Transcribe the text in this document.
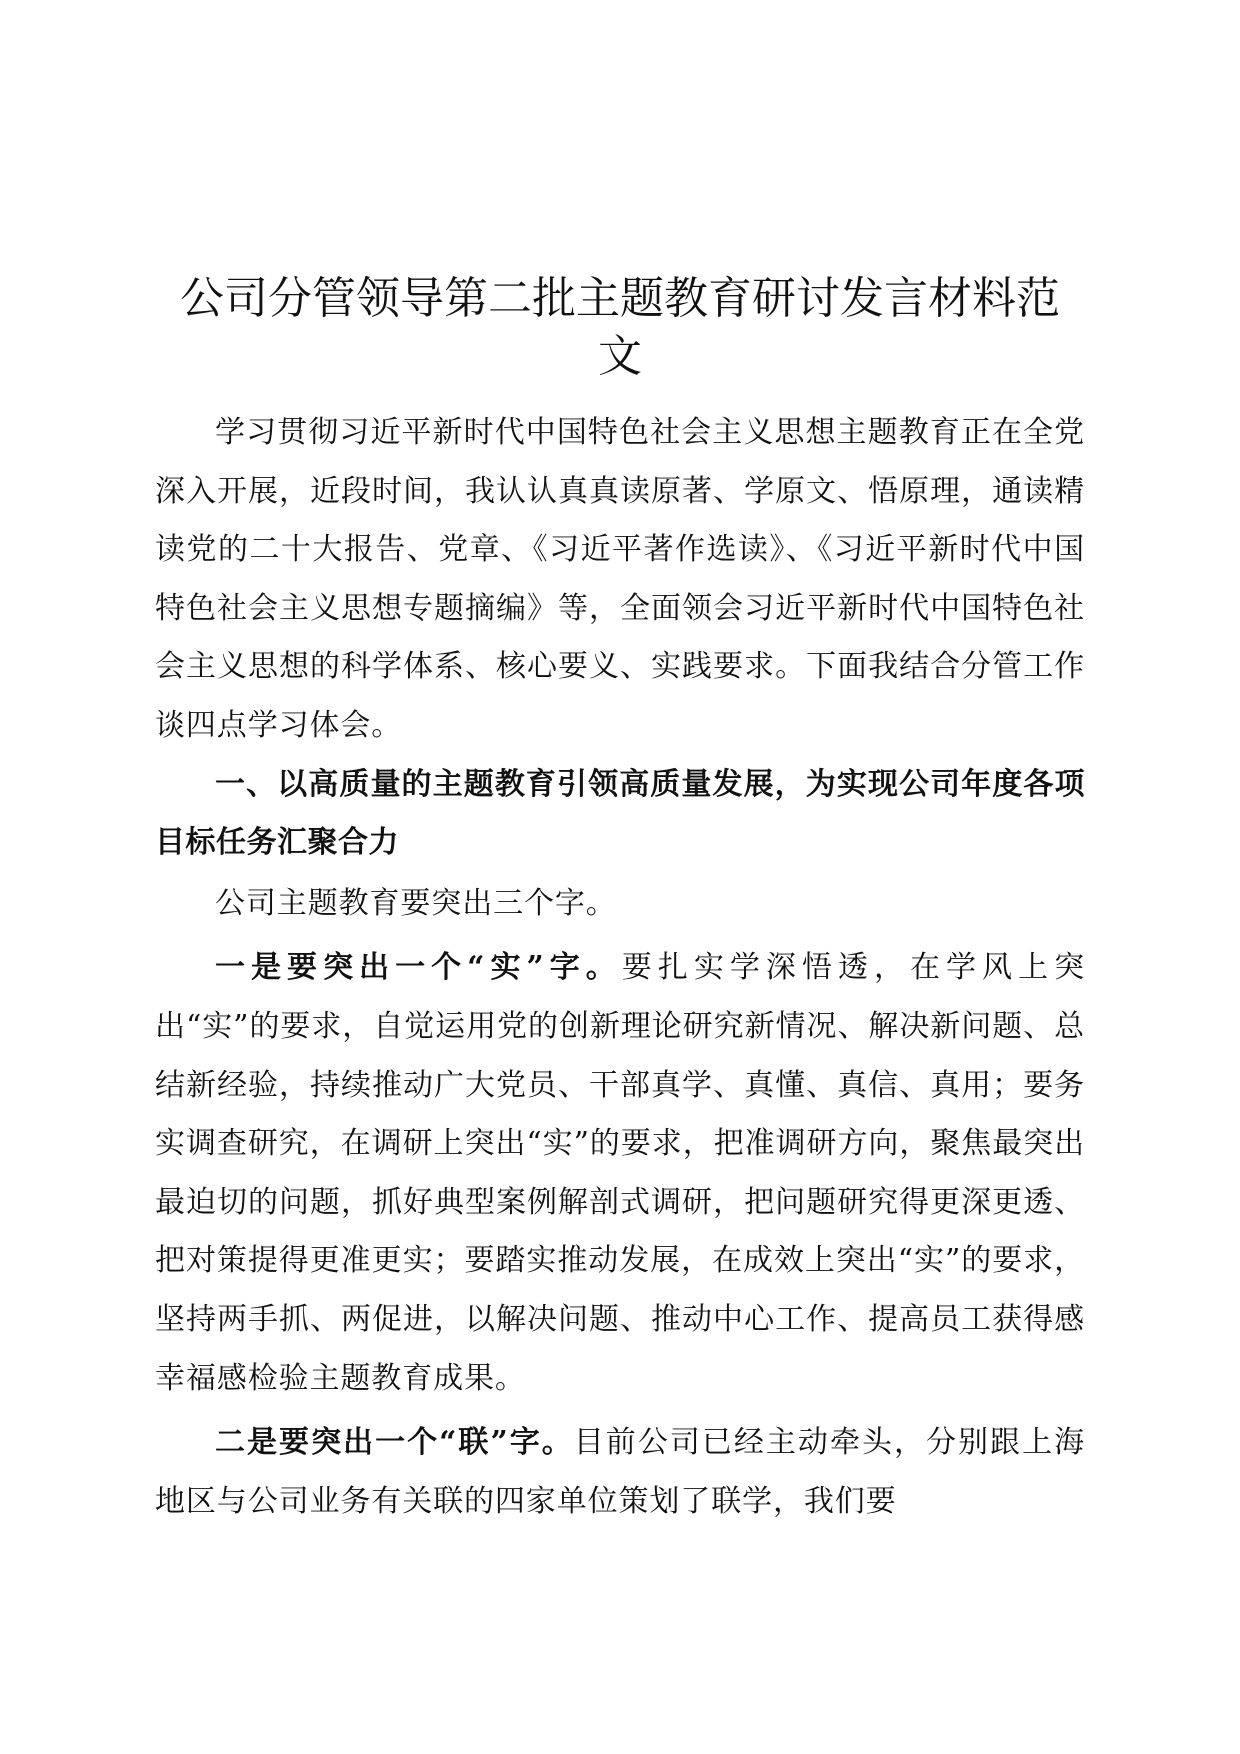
公司分管领导第二批主题教育研讨发言材料范
文

学习贯彻习近平新时代中国特色社会主义思想主题教育正在全党深入开展，近段时间，我认认真真读原著、学原文、悟原理，通读精读党的二十大报告、党章、《习近平著作选读》、《习近平新时代中国特色社会主义思想专题摘编》等，全面领会习近平新时代中国特色社会主义思想的科学体系、核心要义、实践要求。下面我结合分管工作谈四点学习体会。

一、以高质量的主题教育引领高质量发展，为实现公司年度各项目标任务汇聚合力

公司主题教育要突出三个字。

一是要突出一个“实”字。要扎实学深悟透，在学风上突出“实”的要求，自觉运用党的创新理论研究新情况、解决新问题、总结新经验，持续推动广大党员、干部真学、真懂、真信、真用；要务实调查研究，在调研上突出“实”的要求，把准调研方向，聚焦最突出最迫切的问题，抓好典型案例解剖式调研，把问题研究得更深更透、把对策提得更准更实；要踏实推动发展，在成效上突出“实”的要求，坚持两手抓、两促进，以解决问题、推动中心工作、提高员工获得感幸福感检验主题教育成果。

二是要突出一个“联”字。目前公司已经主动牵头，分别跟上海地区与公司业务有关联的四家单位策划了联学，我们要
